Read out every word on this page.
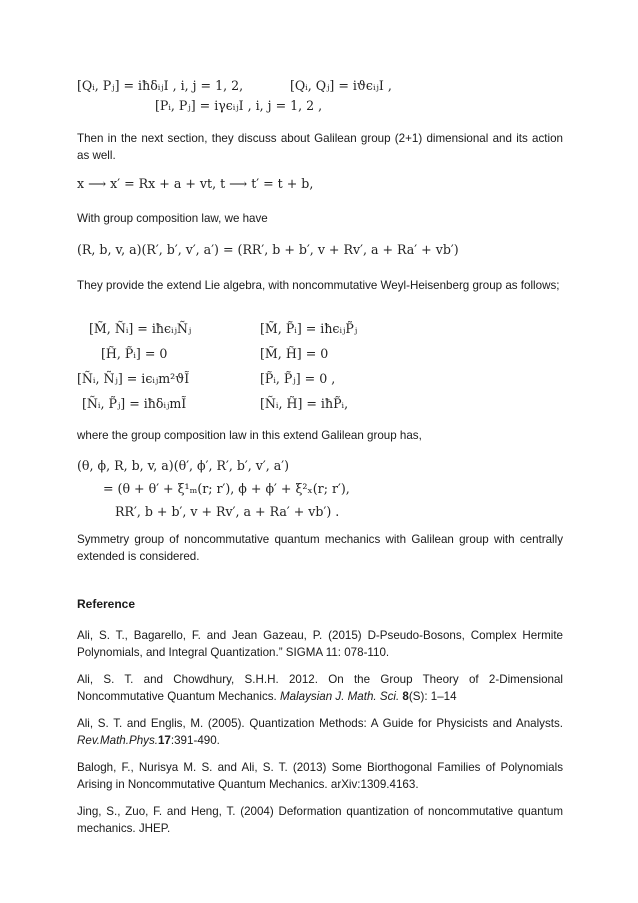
[Qᵢ, Pⱼ] = iħδᵢⱼI , i, j = 1, 2,	[Qᵢ, Qⱼ] = iϑϵᵢⱼI ,
[Pᵢ, Pⱼ] = iγϵᵢⱼI , i, j = 1, 2 ,

Then in the next section, they discuss about Galilean group (2+1) dimensional and its action as well.

x ⟶ x′ = Rx + a + vt, t ⟶ t′ = t + b,

With group composition law, we have

(R, b, v, a)(R′, b′, v′, a′) = (RR′, b + b′, v + Rv′, a + Ra′ + vb′)

They provide the extend Lie algebra, with noncommutative Weyl-Heisenberg group as follows;

[M̃, Ñᵢ] = iħϵᵢⱼÑⱼ
[H̃, P̃ᵢ] = 0
[Ñᵢ, Ñⱼ] = iϵᵢⱼm²ϑĨ
[Ñᵢ, P̃ⱼ] = iħδᵢⱼmĨ
[M̃, P̃ᵢ] = iħϵᵢⱼP̃ⱼ
[M̃, H̃] = 0
[P̃ᵢ, P̃ⱼ] = 0 ,
[Ñᵢ, H̃] = iħP̃ᵢ,

where the group composition law in this extend Galilean group has,

(θ, ϕ, R, b, v, a)(θ′, ϕ′, R′, b′, v′, a′)
= (θ + θ′ + ξ¹ₘ(r; r′), ϕ + ϕ′ + ξ²ₓ(r; r′),
RR′, b + b′, v + Rv′, a + Ra′ + vb′) .

Symmetry group of noncommutative quantum mechanics with Galilean group with centrally extended is considered.

Reference

Ali, S. T., Bagarello, F. and Jean Gazeau, P. (2015) D-Pseudo-Bosons, Complex Hermite Polynomials, and Integral Quantization.” SIGMA 11: 078-110.

Ali, S. T. and Chowdhury, S.H.H. 2012. On the Group Theory of 2-Dimensional Noncommutative Quantum Mechanics. Malaysian J. Math. Sci. 8(S): 1–14

Ali, S. T. and Englis, M. (2005). Quantization Methods: A Guide for Physicists and Analysts. Rev.Math.Phys.17:391-490.

Balogh, F., Nurisya M. S. and Ali, S. T. (2013) Some Biorthogonal Families of Polynomials Arising in Noncommutative Quantum Mechanics. arXiv:1309.4163.

Jing, S., Zuo, F. and Heng, T. (2004) Deformation quantization of noncommutative quantum mechanics. JHEP.
